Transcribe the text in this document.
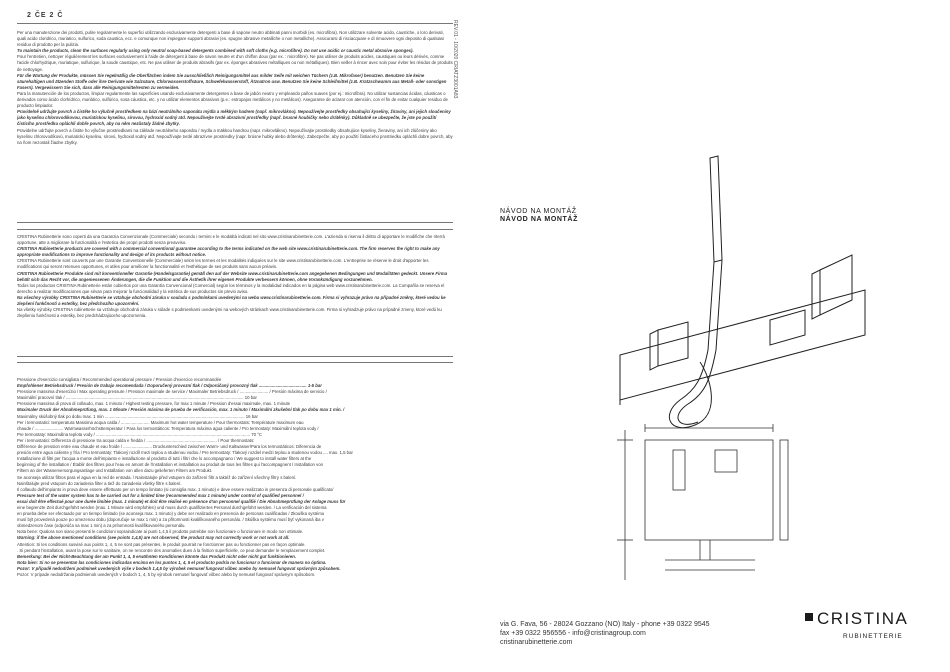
2 ČE 2 Č

Per una manutenzione dei prodotti, pulire regolarmente le superfici utilizzando esclusivamente detergenti a base di sapone neutro abbinati panni morbidi (es. microfibra). Non utilizzare solvente acido, caustiche, o loro derivati, quali acido cloridrico, muriatico, sulfurico, soda caustica, ecc. e comunque non impiegare supporti abrasivi (es. spugne abrasive metalliche o non metalliche). Assicurarsi di risciacquare e di rimuovere ogni deposito di qualsiasi residuo di prodotto per la pulizia.

To maintain the products, clean the surfaces regularly using only neutral soap-based detergents combined with soft cloths (e.g. microfibre). Do not use acidic or caustic metal abrasive sponges).

Pour l'entretien, nettoyer régulièrement les surfaces exclusivement à l'aide de détergent à base de savon neutre et d'un chiffon doux (par ex. : microfibre). Ne pas utiliser de produits acides, caustiques ou leurs dérivés, comme l'acide chlorhydrique, muriatique, sulfurique, la soude caustique, etc. Ne pas utiliser de produits abrasifs (par ex. éponges abrasives métalliques ou non métalliques). Bien veiller à rincer avec soin pour éviter les résidus de produits de nettoyage.

Für die Wartung der Produkte, müssen Sie regelmäßig die Oberflächen indem Sie ausschließlich Reinigungsmittel aus milder Seife mit weichen Tüchern (z.B. Mikrofaser) benutzen. Benutzen Sie keine säurehaltigen und ätzenden Stoffe oder ihre Derivate wie Salzsäure, Chlorwasserstoffsäure, Schwefelwasserstoff, Ätznatron usw. Benutzen Sie keine Schleifmittel (z.B. Kratzschwamm aus Metall- oder sonstigen Fasern). Vergewissern Sie sich, dass alle Reinigungsmittelresten zu vermeiden.

Para la manutención de los productos, limpiar regularmente las superficies usando exclusivamente detergentes a base de jabón neutro y empleando paños suaves (por ej.: microfibra). No utilizar sustancias ácidas, cáusticas o derivados como ácido clorhídrico, muriático, sulfúrico, sosa cáustica, etc. y no utilizar elementos abrasivos (p.e.: estropajos metálicos y no metálicos). Asegurarse de aclarar con atención, con el fin de evitar cualquier residuo de producto limpiador.

Pravidelně udržujte povrch a čistěte ho výlučně prostředkem na bází neutrálního saponátu mýdla a měkkým hadrem (např. mikrovlákno). Nepoužívejte prostředky obsahující kyseliny, žíraviny, ani jejich sloučeniny jako kyselinu chlorovodíkovou, muriatickou kyselinu, sírovou, hydroxid sodný atd. Nepoužívejte tvrdé abrazivní prostředky (např. brusné houbičky nebo drátěnky). Důkladně se ubezpečte, že jste po použití čisticího prostředku opláchli dobře povrch, aby na něm nezůstaly žádné zbytky.

Pravidelne udržujte povrch a čistite ho výlučne prostriedkami na základe neutrálneho saponátu / mydla a mäkkou handrou (napr. mikrovlákno). Nepoužívajte prostriedky obsahujúce kyseliny, žieraviny, ani ich zlúčeniny ako kyselinu chlorovodíkovú, muriatickú kyselinu, sírovú, hydroxid sodný atď. Nepoužívajte tvrdé abrazívne prostriedky (napr. brúsne hubky alebo drôtenky). Zabezpečte, aby po použití čistiaceho prostriedku opláchli dobre povrch, aby na ňom nezostali žiadne zbytky.

CRISTINA Rubinetterie sono coperti da una Garanzia Convenzionale (Commerciale) secondo i termini e le modalità indicati nel sito www.cristinarubinetterie.com. L'azienda si riserva il diritto di apportare le modifiche che riterrà opportune, atte a migliorare la funzionalità e l'estetica dei propri prodotti senza preavviso.

CRISTINA Rubinetterie products are covered with a commercial conventional guarantee according to the terms indicated on the web site www.cristinarubinetterie.com. The firm reserves the right to make any appropriate modifications to improve functionality and design of its products without notice.

CRISTINA Rubinetterie sont couverts par une Garantie Conventionnelle (Commerciale) selon les termes et les modalités indiquées sur le site www.cristinarubinetterie.com. L'entreprise se réserve le droit d'apporter les modifications qui seront retenues opportunes, et utiles pour améliorer la fonctionnalité et l'esthétique de ses produits sans aucun préavis.

CRISTINA Rubinetterie Produkte sind mit konventioneller Garantie (Handelsgarantie) gemäß den auf der Website www.cristinarubinetterie.com angegebenen Bedingungen und Modalitäten gedeckt. Unsere Firma behält sich das Recht vor, die angemessenen Änderungen, die die Funktion und die Ästhetik ihrer eigenen Produkte verbessern können, ohne Vorankündigung vorzunehmen.

Todos los productos CRISTINA Rubinetterie están cubiertos por una Garantía Convencional (Comercial) según los términos y la modalidad indicados en la página web www.cristinarubinetterie.com. La Compañía se reserva el derecho a realizar modificaciones que sirvan para mejorar la funcionalidad y la estética de sus productos sin previo aviso.

Na všechny výrobky CRISTINA Rubinetterie se vztahuje obchodní záruka v souladu s podmínkami uvedenými na webu www.cristinarubinetterie.com. Firma si vyhrazuje právo na případné změny, které vedou ke zlepšení funkčnosti a estetiky, bez předchozího upozornění.

Na všetky výrobky CRISTINA rubinetterie sa vzťahuje obchodná záruka v súlade s podmienkami uvedenými na webových stránkach www.cristinarubinetterie.com. Firma si vyhradzuje právo na prípadné zmeny, ktoré vedú ku zlepšeniu funkčnosti a estetiky, bez predchádzajúceho upozornenia.

Pressione d'esercizio consigliata / Recommended operational pressure / Pression d'exercice recommandée

Empfohlener Betriebsdruck / Presión de trabajo recomendada / Doporučený provozní tlak / Odporúčaný provozný tlak ........................................ 1-5 bar

Pressione massima d'esercizio / Max operating pressure / Pression maximale de service / Maximaler Betriebsdruck / ........................ / Presión máxima de servicio /

Maximální pracovní tlak / ..................................................................................................................................................... 10 bar

Pressione massima di prova di collaudo, max. 1 minuto / Highest testing pressure, for max 1 minute / Pression d'essai maximale, max. 1 minute

Maximaler Druck der Abnahmeprüfung, max. 1 Minute / Presión máxima de prueba de verificación, max. 1 minuto / Maximální zkušební tlak po dobu max 1 min. /

Maximálny skúšobný tlak po dobu max. 1 min ..................................................................................................................... 16 bar

Per i termostatici: temperatura Massima acqua calda / ........................ Maximum hot water temperature / Pour thermostats: Température maximum eau

chaude / ........................ Warmwasserhöchsttemperatur / Para los termostáticos: Temperatura máxima agua caliente / Pro termostaty: Maximální teplota vody /

Pre termostaty: Maximálna teplota vody / ................................................................................................................................. 70 °C

Per i termostatici: Differenza di pressione tra acqua calda e fredda / ........................................................... / Pour thermostats:

Différence de pression entre eau chaude et eau froide / ........................ Druckunterschied zwischen Warm- und Kaltwasser/Para los termostáticos: Diferencia de

presión entre agua caliente y fría / Pro termostaty: Tlakový rozdíl mezi teplou a studenou vodou / Pre termostaty: Tlakový rozdiel medzi teplou a studenou vodou .... max. 1,5 bar

Installazione di filtri per l'acqua a monte dell'impianto e installazione al prodotto di tutti i filtri che lo accompagnano / We suggest to install water filters at the

beginning of the installation / Établir des filtres pour l'eau en amont de l'installation et installation au produit de tous les filtres qui l'accompagnent / Installation von

Filtern an der Wasserversorgungsanlage und Installation von allen dazu gelieferten Filtern am Produkt.

Se aconseja utilizar filtros para el agua en la red de entrada. / Nainstalujte před vstupem do zařízení filtr a taktéž do zařízení všechny filtry s balení.

Nainštalujte pred vstupom do zariadenia filter a tiež do zariadenia všetky filtre s balení.

Il collaudo dell'impianto in prova deve essere effettuato per un tempo limitato (si consiglia max. 1 minuto) e deve essere realizzato in presenza di personale qualificato/

Pressure test of the water system has to be carried out for a limited time (recommended max 1 minute) under control of qualified personnel /

essai doit être effectué pour une durée limitée (max. 1 minute) et doit être réalisé en présence d'un personnel qualifié / Die Abnahmeprüfung der Anlage muss für

eine begrenzte Zeit durchgeführt werden (max. 1 Minute wird empfohlen) und muss durch qualifiziertes Personal durchgeführt werden. / La verificación del sistema

en prueba debe ser efectuado por un tiempo limitado (se aconseja max. 1 minuto) y debe ser realizado en presencia de personas cualificadas / Zkouška systému

musí být provedená pouze po omezenou dobu (doporučuje se max 1 min) a za přítomnosti kvalifikovaného personálu. / Skúška systému musí byť vykonaná iba v

obmedzenom čase (odporúča sa max 1 min) a za prítomnosti kvalifikovaného personálu.

Nota bene: Qualora non siano presenti le condizioni sopraindicate ai punti 1,4,5 il prodotto potrebbe non funzionare o funzionare in modo non ottimale.

Warning: if the above mentioned conditions (see points 1,4,5) are not observed, the product may not correctly work or not work at all.

Attention: Si les conditions susvisé aux points 1, 4, 5 ne sont pas présentes, le produit pourrait ne fonctionner pas ou fonctionner pas en façon optimale.

. Si pendant l'installation, avant la pose sur le sanitaire, on ne rencontre des anomalies dues à la finition superficielle, ce peut demander le remplacement complet.

Bemerkung: Bei der Nicht-Beachtung der am Punkt 1, 4, 5 erwähnten Konditionen könnte das Produkt nicht oder nicht gut funktionieren.

Nota bien: Si no se presentan las condiciones indicadas encima en los puntos 1, 4, 5 el producto podría no funcionar o funcionar de manera no óptima.

Pozor: V případě nedodržení podmínek uvedených výše v bodech 1,4,5 by výrobek nemusel fungovat vůbec anebo by nemusel fungovat správným způsobem.

Pozor: V prípade nedodržania podmienok uvedených v bodoch 1, 4, 5 by výrobok nemusel fungovať vôbec alebo by nemusel fungovať správnym spôsobom.

REV.01 - 10/2020 CRIATZ3001A83
NÁVOD NA MONTÁŽ
NÁVOD NA MONTÁŽ
via G. Fava, 56 - 28024 Gozzano (NO) Italy - phone +39 0322 9545
fax +39 0322 956556 - info@cristinagroup.com
cristinarubinetterie.com
CRISTINA
RUBINETTERIE
